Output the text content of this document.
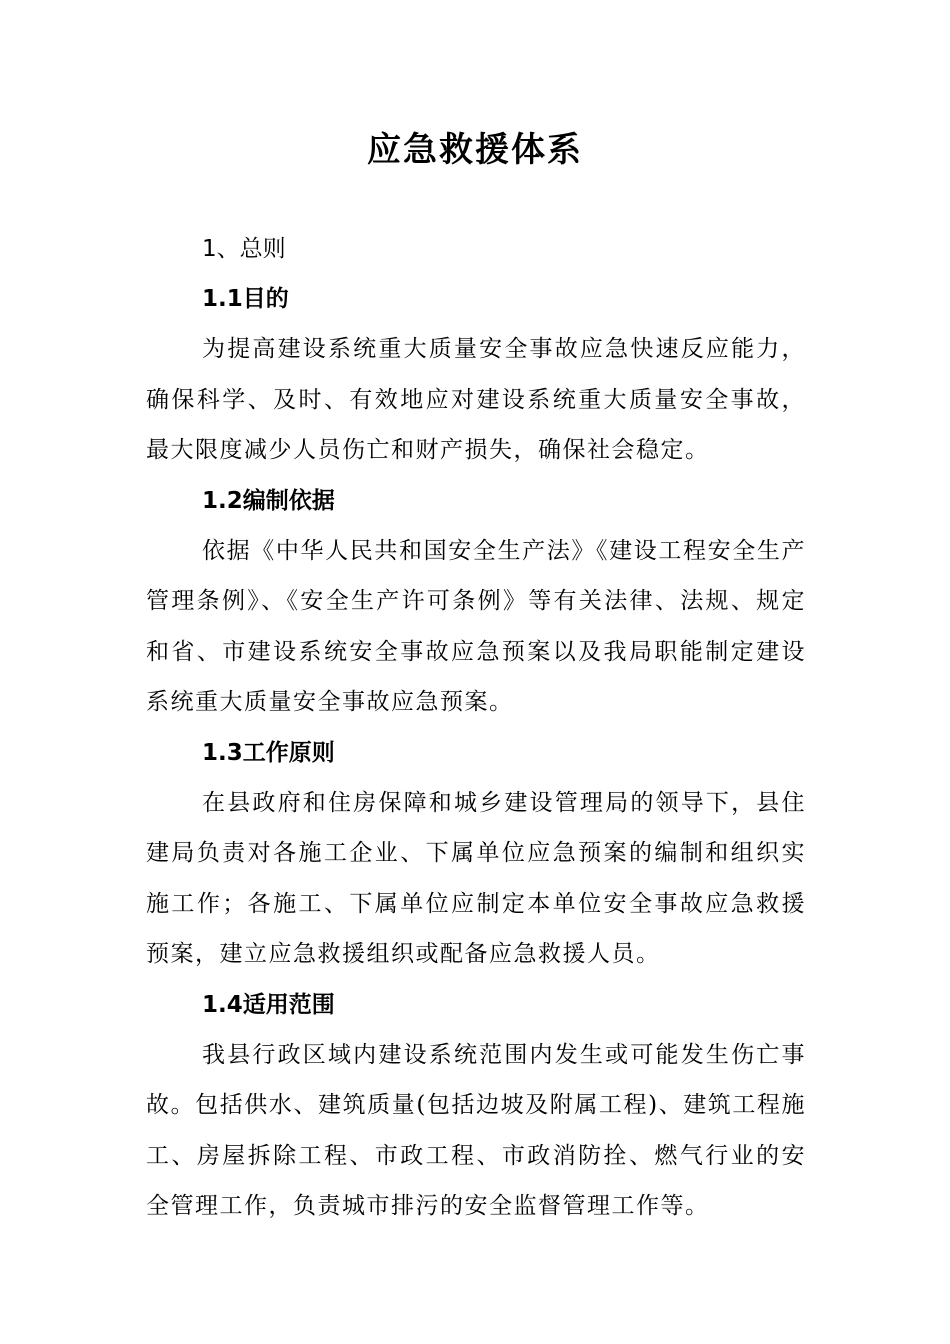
应急救援体系
1、总则
1.1目的

为提高建设系统重大质量安全事故应急快速反应能力，确保科学、及时、有效地应对建设系统重大质量安全事故，最大限度减少人员伤亡和财产损失，确保社会稳定。

1.2编制依据

依据《中华人民共和国安全生产法》《建设工程安全生产管理条例》、《安全生产许可条例》等有关法律、法规、规定和省、市建设系统安全事故应急预案以及我局职能制定建设系统重大质量安全事故应急预案。

1.3工作原则

在县政府和住房保障和城乡建设管理局的领导下，县住建局负责对各施工企业、下属单位应急预案的编制和组织实施工作；各施工、下属单位应制定本单位安全事故应急救援预案，建立应急救援组织或配备应急救援人员。

1.4适用范围

我县行政区域内建设系统范围内发生或可能发生伤亡事故。包括供水、建筑质量(包括边坡及附属工程)、建筑工程施工、房屋拆除工程、市政工程、市政消防拴、燃气行业的安全管理工作，负责城市排污的安全监督管理工作等。
